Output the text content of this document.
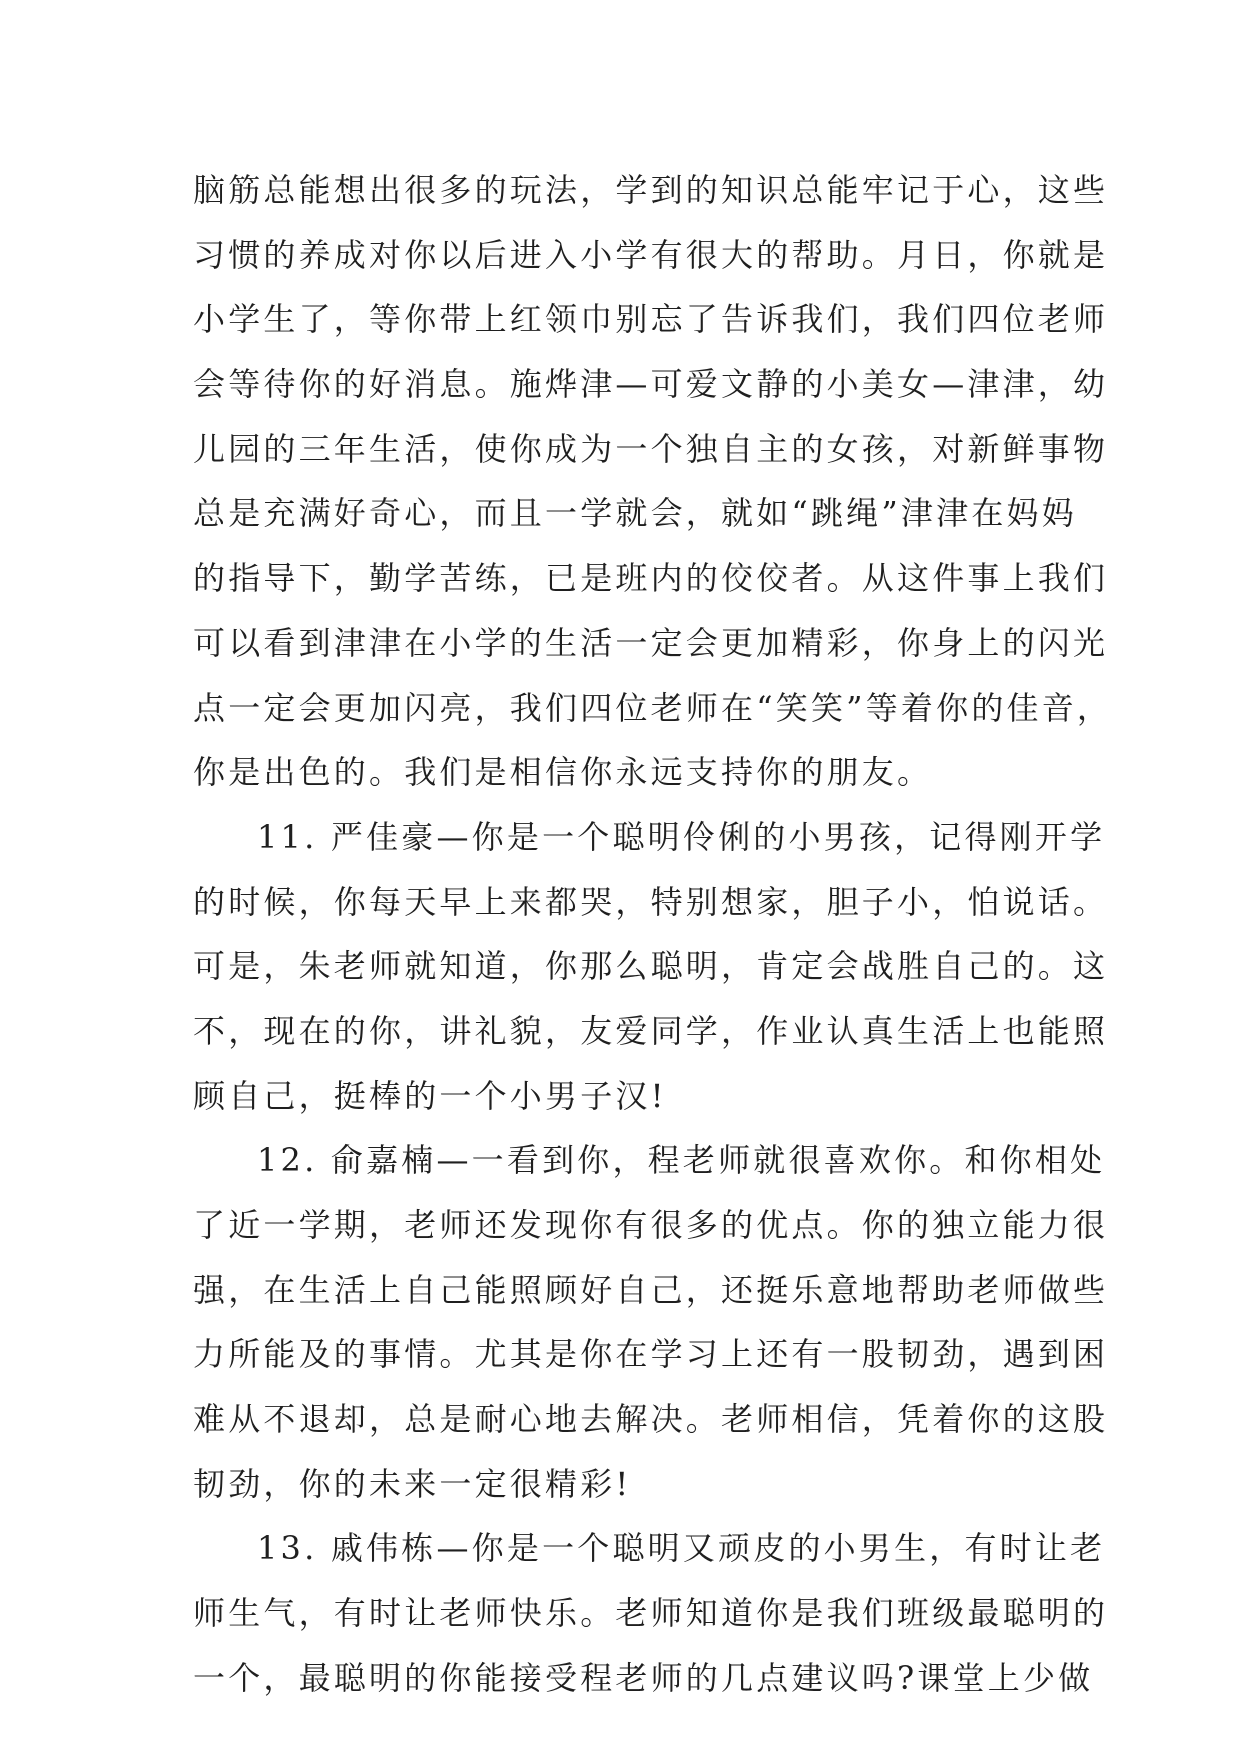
脑筋总能想出很多的玩法，学到的知识总能牢记于心，这些
习惯的养成对你以后进入小学有很大的帮助。月日，你就是
小学生了，等你带上红领巾别忘了告诉我们，我们四位老师
会等待你的好消息。施烨津—可爱文静的小美女—津津，幼
儿园的三年生活，使你成为一个独自主的女孩，对新鲜事物
总是充满好奇心，而且一学就会，就如“跳绳”津津在妈妈
的指导下，勤学苦练，已是班内的佼佼者。从这件事上我们
可以看到津津在小学的生活一定会更加精彩，你身上的闪光
点一定会更加闪亮，我们四位老师在“笑笑”等着你的佳音，
你是出色的。我们是相信你永远支持你的朋友。
11. 严佳豪—你是一个聪明伶俐的小男孩，记得刚开学
的时候，你每天早上来都哭，特别想家，胆子小，怕说话。
可是，朱老师就知道，你那么聪明，肯定会战胜自己的。这
不，现在的你，讲礼貌，友爱同学，作业认真生活上也能照
顾自己，挺棒的一个小男子汉!
12. 俞嘉楠—一看到你，程老师就很喜欢你。和你相处
了近一学期，老师还发现你有很多的优点。你的独立能力很
强，在生活上自己能照顾好自己，还挺乐意地帮助老师做些
力所能及的事情。尤其是你在学习上还有一股韧劲，遇到困
难从不退却，总是耐心地去解决。老师相信，凭着你的这股
韧劲，你的未来一定很精彩!
13. 戚伟栋—你是一个聪明又顽皮的小男生，有时让老
师生气，有时让老师快乐。老师知道你是我们班级最聪明的
一个，最聪明的你能接受程老师的几点建议吗?课堂上少做
